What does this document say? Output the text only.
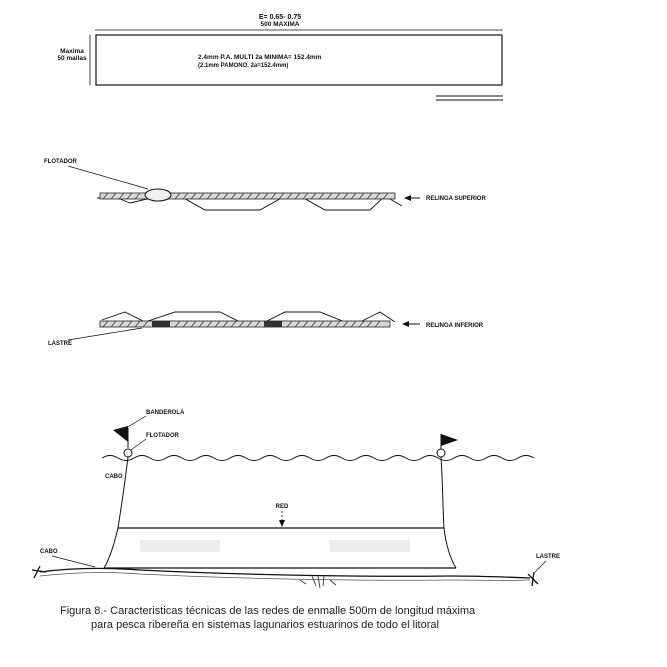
E= 0.65- 0.75
500 MAXIMA
Maxima
50 mallas	2.4mm P.A. MULTI 2a MINIMA= 152.4mm
(2.1mm PAMONO. 2a=152.4mm)
FLOTADOR
RELINGA SUPERIOR
LASTRE
RELINGA INFERIOR
BANDEROLA
FLOTADOR
CABO
RED
CABO
LASTRE
Figura 8.- Caracteristicas técnicas de las redes de enmalle 500m de longitud máxima
para pesca ribereña en sistemas lagunarios estuarinos de todo el litoral
